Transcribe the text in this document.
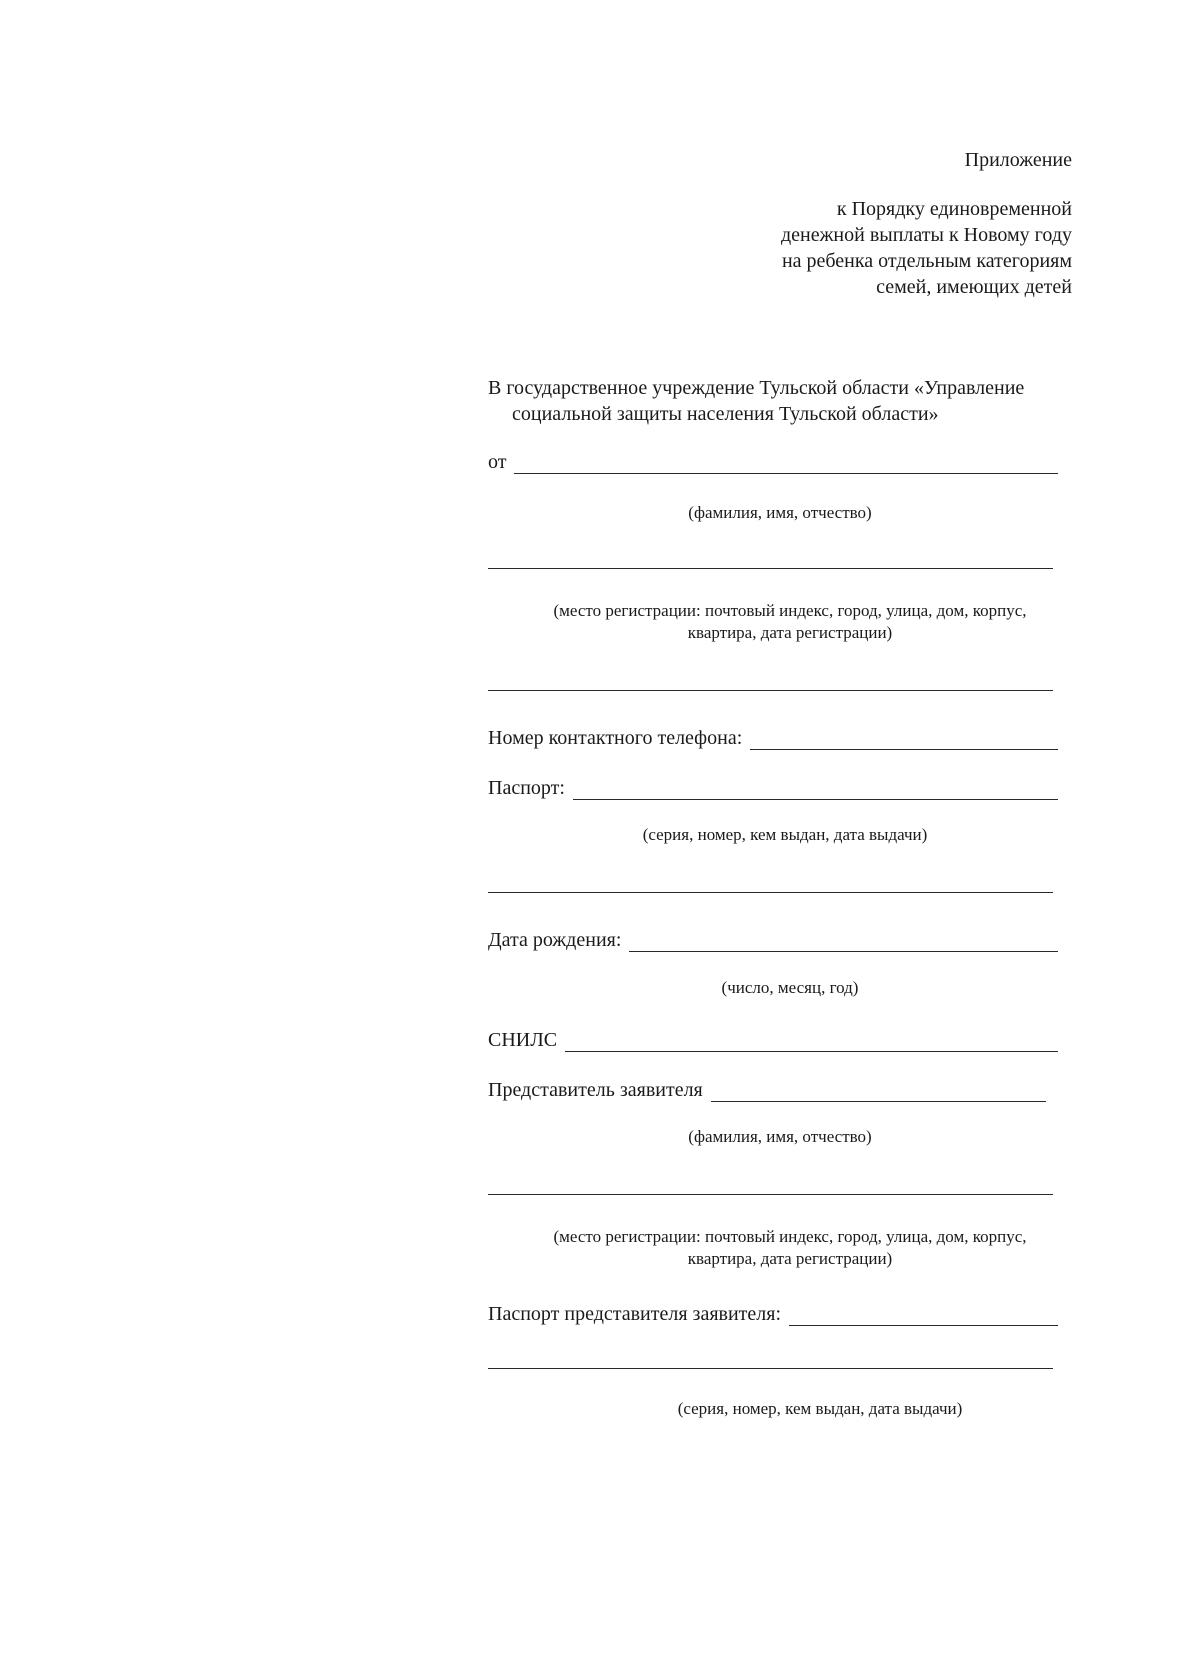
Приложение
к Порядку единовременной
денежной выплаты к Новому году
на ребенка отдельным категориям
семей, имеющих детей
В государственное учреждение Тульской области «Управление
социальной защиты населения Тульской области»
от
(фамилия, имя, отчество)
(место регистрации: почтовый индекс, город, улица, дом, корпус,
квартира, дата регистрации)
Номер контактного телефона:
Паспорт:
(серия, номер, кем выдан, дата выдачи)
Дата рождения:
(число, месяц, год)
СНИЛС
Представитель заявителя
(фамилия, имя, отчество)
(место регистрации: почтовый индекс, город, улица, дом, корпус,
квартира, дата регистрации)
Паспорт представителя заявителя:
(серия, номер, кем выдан, дата выдачи)
